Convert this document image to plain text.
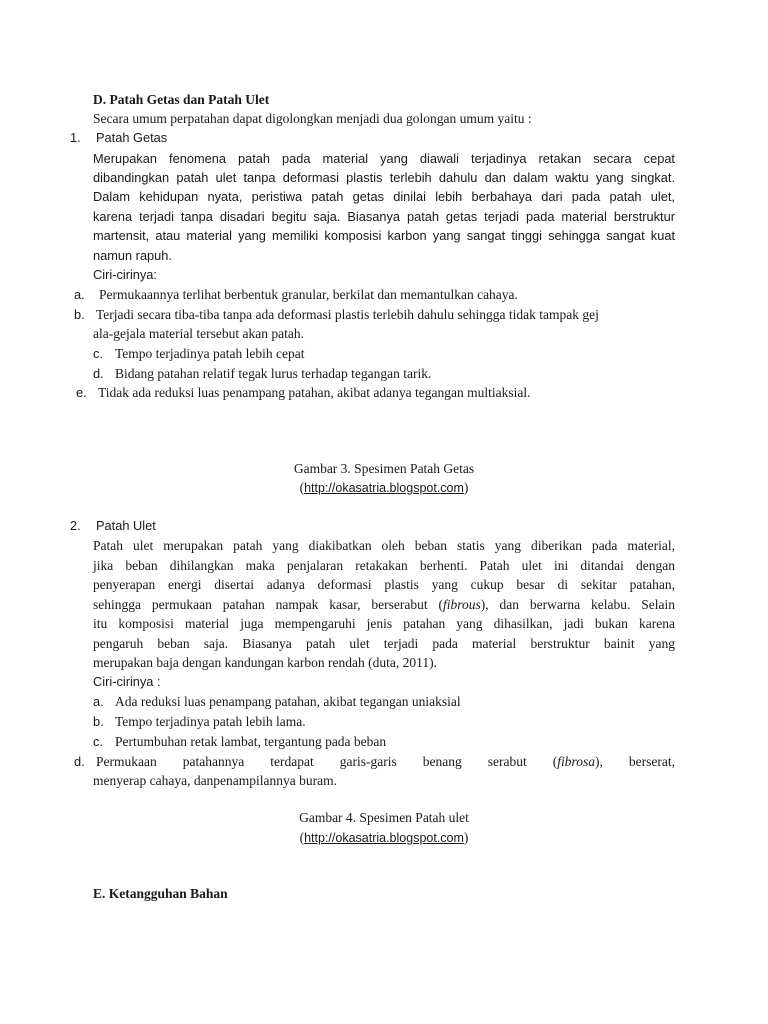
D. Patah Getas dan Patah Ulet
Secara umum perpatahan dapat digolongkan menjadi dua golongan umum yaitu :
1. Patah Getas
Merupakan fenomena patah pada material yang diawali terjadinya retakan secara cepat
dibandingkan patah ulet tanpa deformasi plastis terlebih dahulu dan dalam waktu yang singkat.
Dalam kehidupan nyata, peristiwa patah getas dinilai lebih berbahaya dari pada patah ulet,
karena terjadi tanpa disadari begitu saja. Biasanya patah getas terjadi pada material berstruktur
martensit, atau material yang memiliki komposisi karbon yang sangat tinggi sehingga sangat kuat
namun rapuh.
Ciri-cirinya:
a. Permukaannya terlihat berbentuk granular, berkilat dan memantulkan cahaya.
b. Terjadi secara tiba-tiba tanpa ada deformasi plastis terlebih dahulu sehingga tidak tampak gej
ala-gejala material tersebut akan patah.
c. Tempo terjadinya patah lebih cepat
d. Bidang patahan relatif tegak lurus terhadap tegangan tarik.
e. Tidak ada reduksi luas penampang patahan, akibat adanya tegangan multiaksial.
Gambar 3. Spesimen Patah Getas
(http://okasatria.blogspot.com)
2. Patah Ulet
Patah ulet merupakan patah yang diakibatkan oleh beban statis yang diberikan pada material,
jika beban dihilangkan maka penjalaran retakakan berhenti. Patah ulet ini ditandai dengan
penyerapan energi disertai adanya deformasi plastis yang cukup besar di sekitar patahan,
sehingga permukaan patahan nampak kasar, berserabut (fibrous), dan berwarna kelabu. Selain
itu komposisi material juga mempengaruhi jenis patahan yang dihasilkan, jadi bukan karena
pengaruh beban saja. Biasanya patah ulet terjadi pada material berstruktur bainit yang
merupakan baja dengan kandungan karbon rendah (duta, 2011).
Ciri-cirinya :
a. Ada reduksi luas penampang patahan, akibat tegangan uniaksial
b. Tempo terjadinya patah lebih lama.
c. Pertumbuhan retak lambat, tergantung pada beban
d. Permukaan patahannya terdapat garis-garis benang serabut (fibrosa), berserat,
menyerap cahaya, danpenampilannya buram.
Gambar 4. Spesimen Patah ulet
(http://okasatria.blogspot.com)
E. Ketangguhan Bahan
